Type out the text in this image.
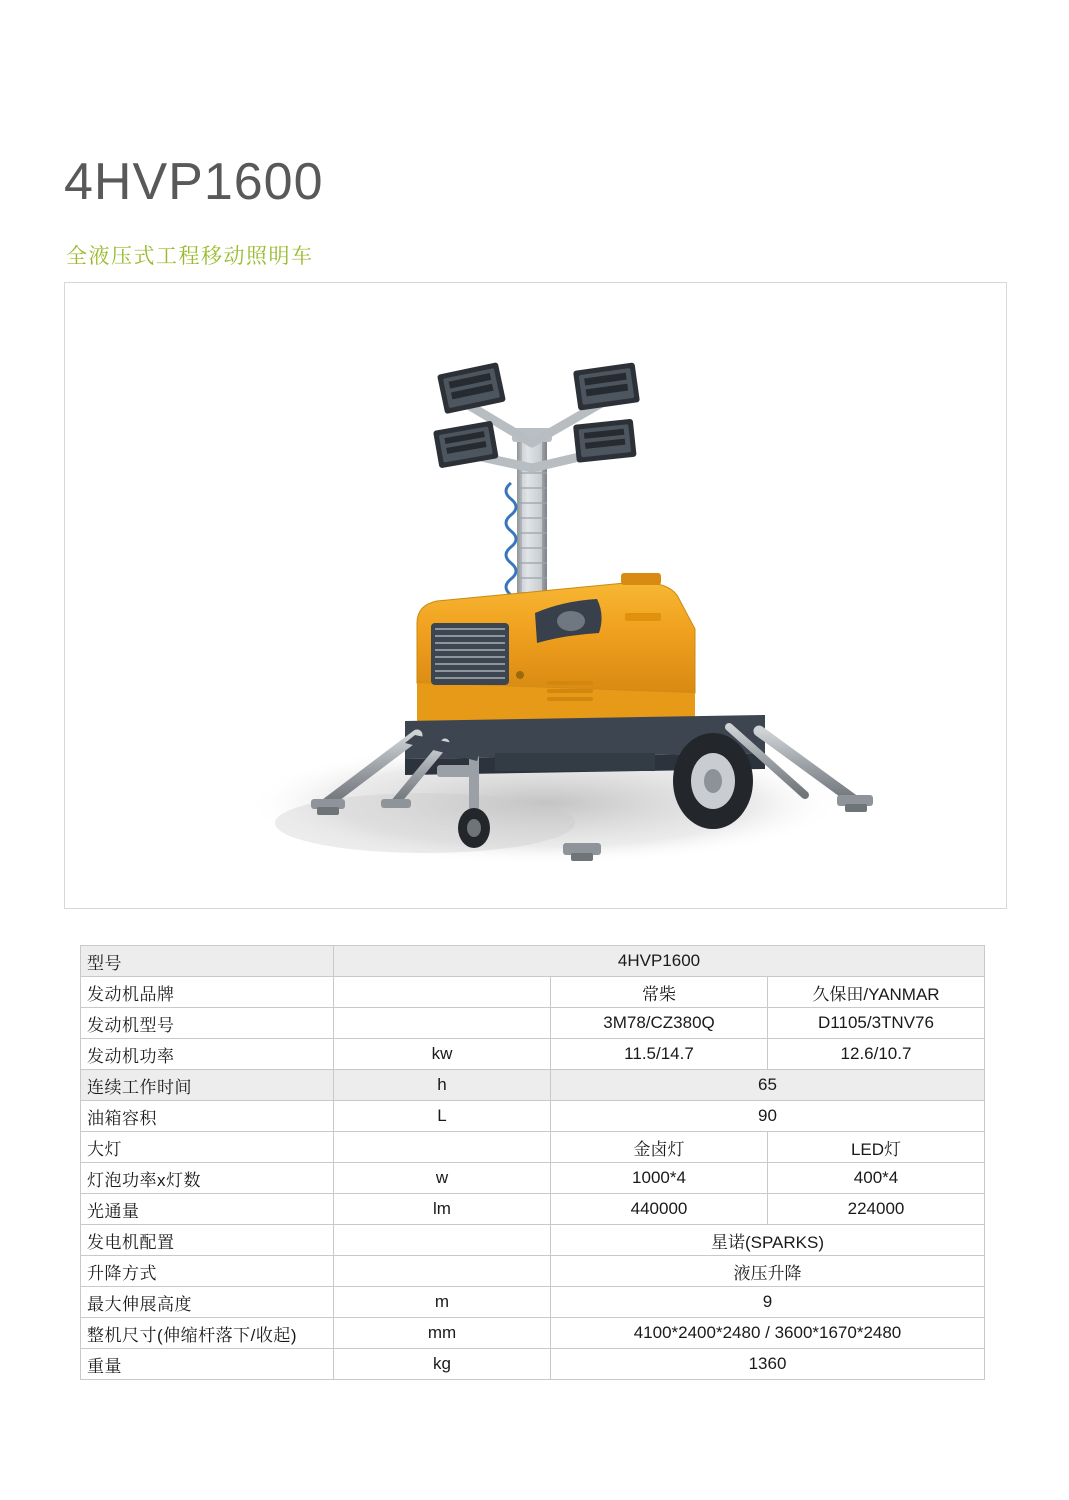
4HVP1600
全液压式工程移动照明车
型号	4HVP1600		
发动机品牌		常柴	久保田/YANMAR
发动机型号		3M78/CZ380Q	D1105/3TNV76
发动机功率	kw	11.5/14.7	12.6/10.7
连续工作时间	h	65	
油箱容积	L	90	
大灯		金卤灯	LED灯
灯泡功率x灯数	w	1000*4	400*4
光通量	lm	440000	224000
发电机配置		星诺(SPARKS)	
升降方式		液压升降	
最大伸展高度	m	9	
整机尺寸(伸缩杆落下/收起)	mm	4100*2400*2480 / 3600*1670*2480	
重量	kg	1360	
